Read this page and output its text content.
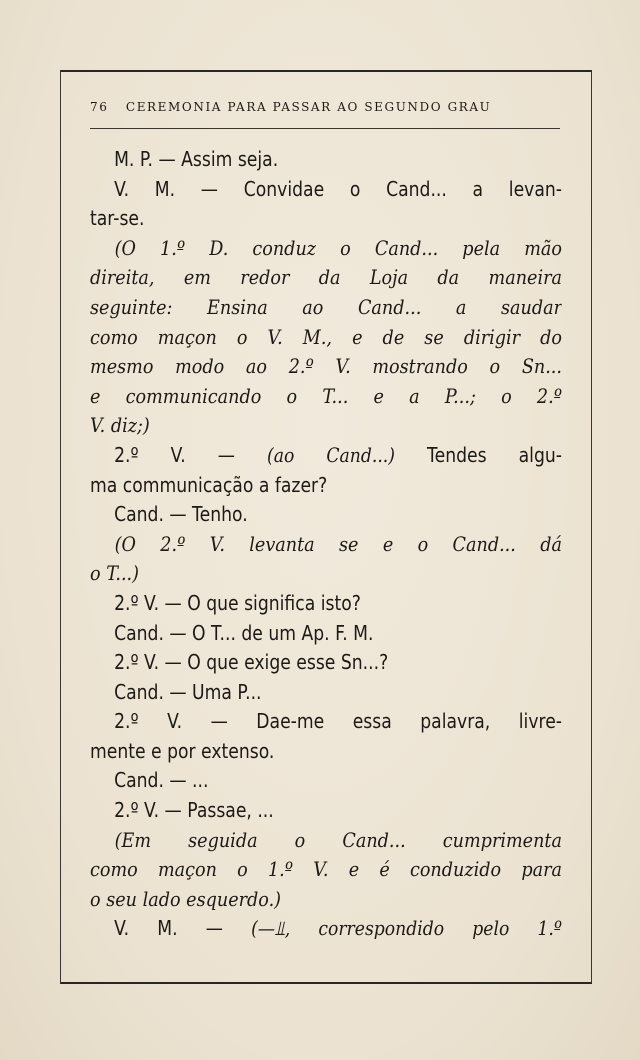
76 CEREMONIA PARA PASSAR AO SEGUNDO GRAU
M. P. — Assim seja.
V. M. — Convidae o Cand... a levan-
tar-se.
(O 1.º D. conduz o Cand... pela mão
direita, em redor da Loja da maneira
seguinte: Ensina ao Cand... a saudar
como maçon o V. M., e de se dirigir do
mesmo modo ao 2.º V. mostrando o Sn...
e communicando o T... e a P...; o 2.º
V. diz;)
2.º V. — (ao Cand...) Tendes algu-
ma communicação a fazer?
Cand. — Tenho.
(O 2.º V. levanta se e o Cand... dá
o T...)
2.º V. — O que significa isto?
Cand. — O T... de um Ap. F. M.
2.º V. — O que exige esse Sn...?
Cand. — Uma P...
2.º V. — Dae-me essa palavra, livre-
mente e por extenso.
Cand. — ...
2.º V. — Passae, ...
(Em seguida o Cand... cumprimenta
como maçon o 1.º V. e é conduzido para
o seu lado esquerdo.)
V. M. — (—⫫, correspondido pelo 1.º
